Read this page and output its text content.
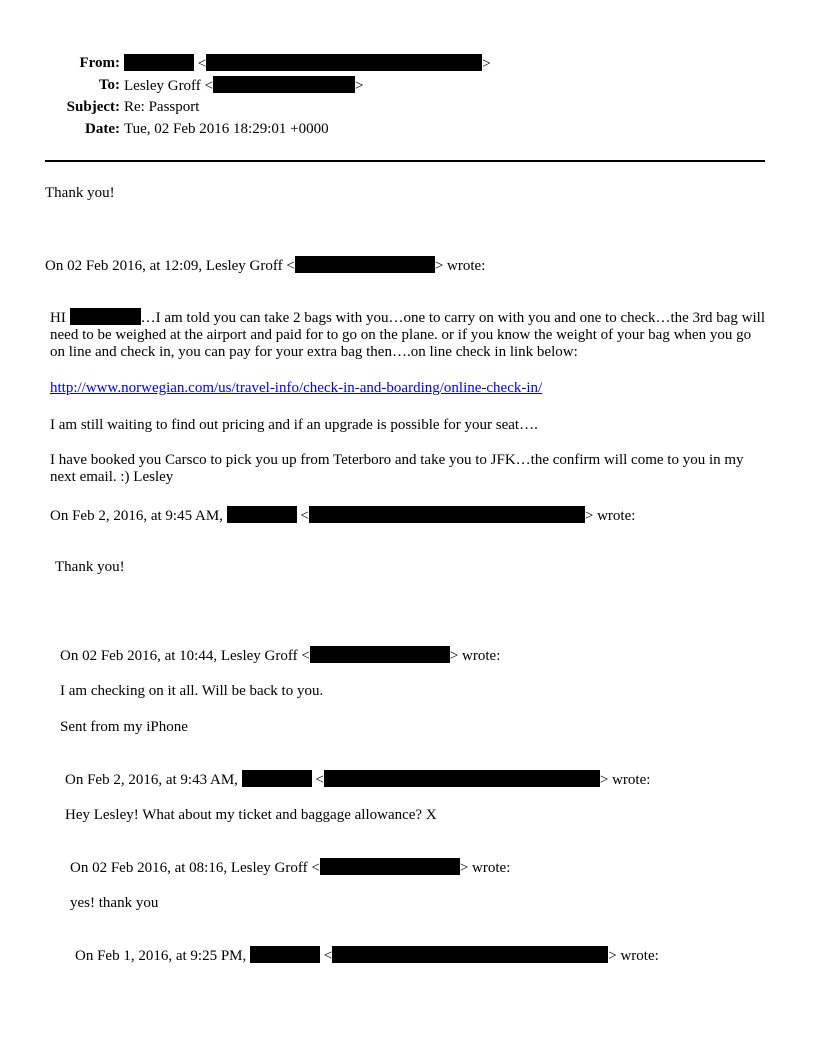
From:	<	>
To: Lesley Groff <	>
Subject: Re: Passport
Date: Tue, 02 Feb 2016 18:29:01 +0000
Thank you!
On 02 Feb 2016, at 12:09, Lesley Groff <	> wrote:
HI	…I am told you can take 2 bags with you…one to carry on with you and one to check…the 3rd bag will need to be weighed at the airport and paid for to go on the plane. or if you know the weight of your bag when you go on line and check in, you can pay for your extra bag then….on line check in link below:
http://www.norwegian.com/us/travel-info/check-in-and-boarding/online-check-in/
I am still waiting to find out pricing and if an upgrade is possible for your seat….
I have booked you Carsco to pick you up from Teterboro and take you to JFK…the confirm will come to you in my next email. :) Lesley
On Feb 2, 2016, at 9:45 AM,	<	> wrote:
Thank you!
On 02 Feb 2016, at 10:44, Lesley Groff <	> wrote:
I am checking on it all. Will be back to you.
Sent from my iPhone
On Feb 2, 2016, at 9:43 AM,	<	> wrote:
Hey Lesley! What about my ticket and baggage allowance? X
On 02 Feb 2016, at 08:16, Lesley Groff <	> wrote:
yes! thank you
On Feb 1, 2016, at 9:25 PM,	<	> wrote:
